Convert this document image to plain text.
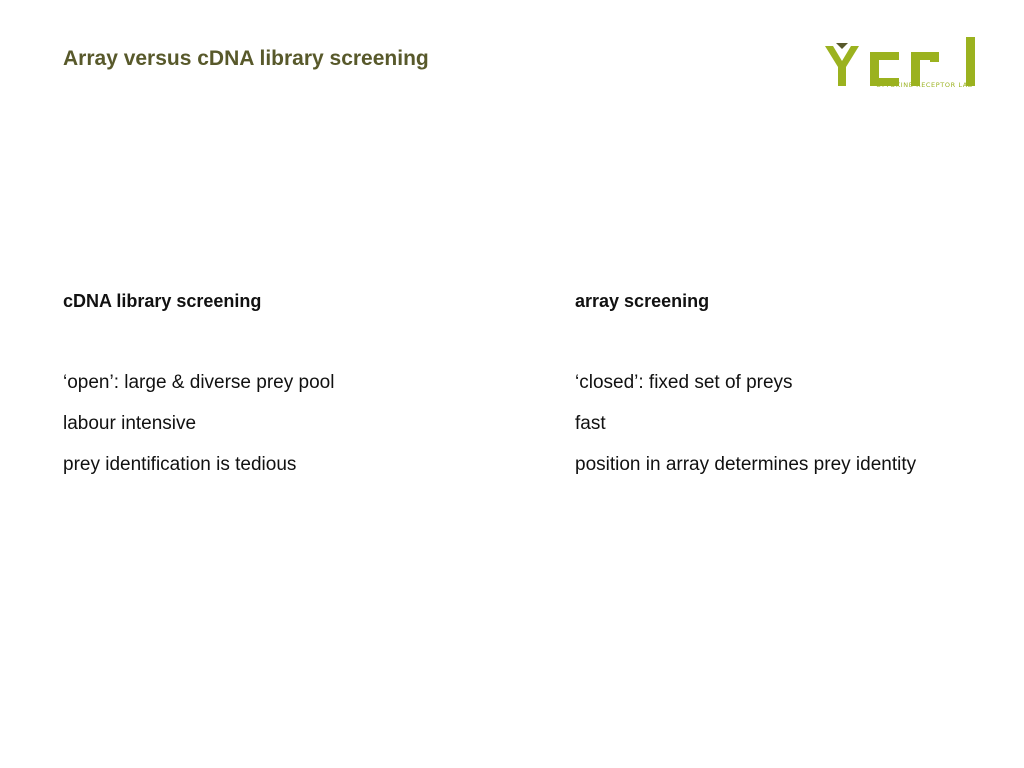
Array versus cDNA library screening
CYTOKINE RECEPTOR LAB
cDNA library screening
‘open’: large & diverse prey pool
labour intensive
prey identification is tedious
array screening
‘closed’: fixed set of preys
fast
position in array determines prey identity
